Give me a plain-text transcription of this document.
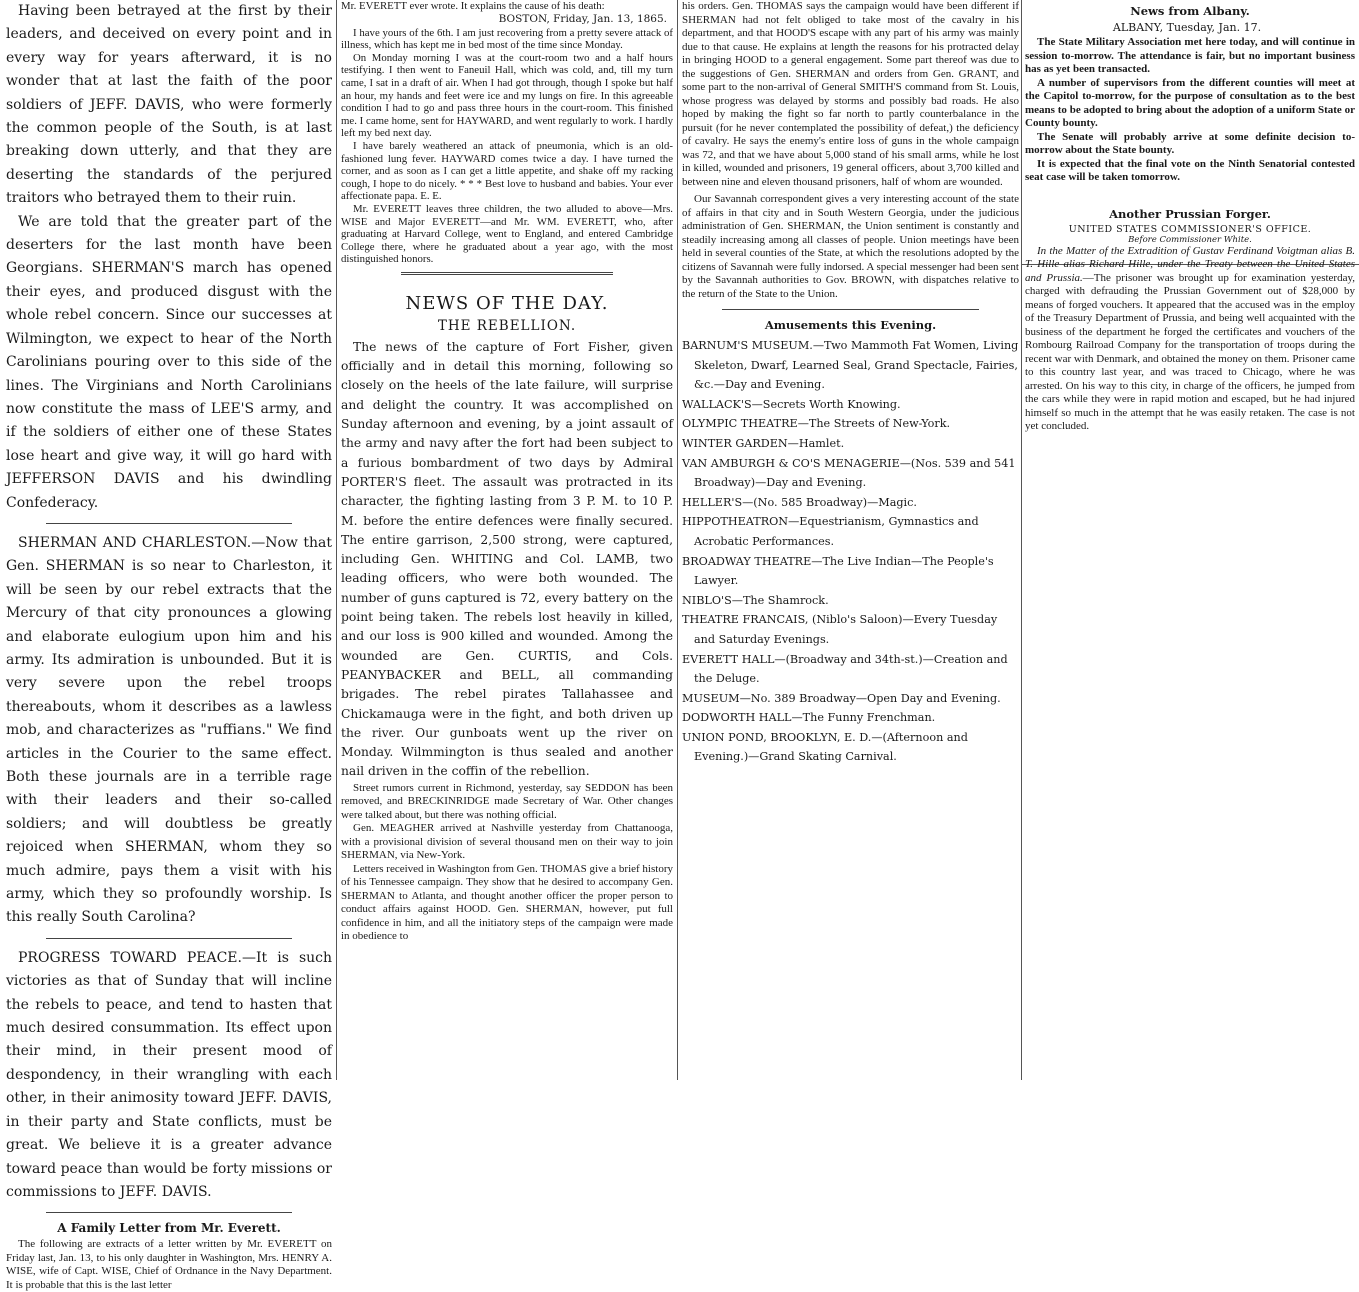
Having been betrayed at the first by their leaders, and deceived on every point and in every way for years afterward, it is no wonder that at last the faith of the poor soldiers of JEFF. DAVIS, who were formerly the common people of the South, is at last breaking down utterly, and that they are deserting the standards of the perjured traitors who betrayed them to their ruin.

We are told that the greater part of the deserters for the last month have been Georgians. SHERMAN'S march has opened their eyes, and produced disgust with the whole rebel concern. Since our successes at Wilmington, we expect to hear of the North Carolinians pouring over to this side of the lines. The Virginians and North Carolinians now constitute the mass of LEE'S army, and if the soldiers of either one of these States lose heart and give way, it will go hard with JEFFERSON DAVIS and his dwindling Confederacy.

SHERMAN AND CHARLESTON.—Now that Gen. SHERMAN is so near to Charleston, it will be seen by our rebel extracts that the Mercury of that city pronounces a glowing and elaborate eulogium upon him and his army. Its admiration is unbounded. But it is very severe upon the rebel troops thereabouts, whom it describes as a lawless mob, and characterizes as "ruffians." We find articles in the Courier to the same effect. Both these journals are in a terrible rage with their leaders and their so-called soldiers; and will doubtless be greatly rejoiced when SHERMAN, whom they so much admire, pays them a visit with his army, which they so profoundly worship. Is this really South Carolina?

PROGRESS TOWARD PEACE.—It is such victories as that of Sunday that will incline the rebels to peace, and tend to hasten that much desired consummation. Its effect upon their mind, in their present mood of despondency, in their wrangling with each other, in their animosity toward JEFF. DAVIS, in their party and State conflicts, must be great. We believe it is a greater advance toward peace than would be forty missions or commissions to JEFF. DAVIS.

A Family Letter from Mr. Everett.

The following are extracts of a letter written by Mr. EVERETT on Friday last, Jan. 13, to his only daughter in Washington, Mrs. HENRY A. WISE, wife of Capt. WISE, Chief of Ordnance in the Navy Department. It is probable that this is the last letter

Mr. EVERETT ever wrote. It explains the cause of his death:

BOSTON, Friday, Jan. 13, 1865.

I have yours of the 6th. I am just recovering from a pretty severe attack of illness, which has kept me in bed most of the time since Monday.

On Monday morning I was at the court-room two and a half hours testifying. I then went to Faneuil Hall, which was cold, and, till my turn came, I sat in a draft of air. When I had got through, though I spoke but half an hour, my hands and feet were ice and my lungs on fire. In this agreeable condition I had to go and pass three hours in the court-room. This finished me. I came home, sent for HAYWARD, and went regularly to work. I hardly left my bed next day.

I have barely weathered an attack of pneumonia, which is an old-fashioned lung fever. HAYWARD comes twice a day. I have turned the corner, and as soon as I can get a little appetite, and shake off my racking cough, I hope to do nicely. * * * Best love to husband and babies. Your ever affectionate papa. E. E.

Mr. EVERETT leaves three children, the two alluded to above—Mrs. WISE and Major EVERETT—and Mr. WM. EVERETT, who, after graduating at Harvard College, went to England, and entered Cambridge College there, where he graduated about a year ago, with the most distinguished honors.

NEWS OF THE DAY.
THE REBELLION.

The news of the capture of Fort Fisher, given officially and in detail this morning, following so closely on the heels of the late failure, will surprise and delight the country. It was accomplished on Sunday afternoon and evening, by a joint assault of the army and navy after the fort had been subject to a furious bombardment of two days by Admiral PORTER'S fleet. The assault was protracted in its character, the fighting lasting from 3 P. M. to 10 P. M. before the entire defences were finally secured. The entire garrison, 2,500 strong, were captured, including Gen. WHITING and Col. LAMB, two leading officers, who were both wounded. The number of guns captured is 72, every battery on the point being taken. The rebels lost heavily in killed, and our loss is 900 killed and wounded. Among the wounded are Gen. CURTIS, and Cols. PEANYBACKER and BELL, all commanding brigades. The rebel pirates Tallahassee and Chickamauga were in the fight, and both driven up the river. Our gunboats went up the river on Monday. Wilmmington is thus sealed and another nail driven in the coffin of the rebellion.

Street rumors current in Richmond, yesterday, say SEDDON has been removed, and BRECKINRIDGE made Secretary of War. Other changes were talked about, but there was nothing official.

Gen. MEAGHER arrived at Nashville yesterday from Chattanooga, with a provisional division of several thousand men on their way to join SHERMAN, via New-York.

Letters received in Washington from Gen. THOMAS give a brief history of his Tennessee campaign. They show that he desired to accompany Gen. SHERMAN to Atlanta, and thought another officer the proper person to conduct affairs against HOOD. Gen. SHERMAN, however, put full confidence in him, and all the initiatory steps of the campaign were made in obedience to

his orders. Gen. THOMAS says the campaign would have been different if SHERMAN had not felt obliged to take most of the cavalry in his department, and that HOOD'S escape with any part of his army was mainly due to that cause. He explains at length the reasons for his protracted delay in bringing HOOD to a general engagement. Some part thereof was due to the suggestions of Gen. SHERMAN and orders from Gen. GRANT, and some part to the non-arrival of General SMITH'S command from St. Louis, whose progress was delayed by storms and possibly bad roads. He also hoped by making the fight so far north to partly counterbalance in the pursuit (for he never contemplated the possibility of defeat,) the deficiency of cavalry. He says the enemy's entire loss of guns in the whole campaign was 72, and that we have about 5,000 stand of his small arms, while he lost in killed, wounded and prisoners, 19 general officers, about 3,700 killed and between nine and eleven thousand prisoners, half of whom are wounded.

Our Savannah correspondent gives a very interesting account of the state of affairs in that city and in South Western Georgia, under the judicious administration of Gen. SHERMAN, the Union sentiment is constantly and steadily increasing among all classes of people. Union meetings have been held in several counties of the State, at which the resolutions adopted by the citizens of Savannah were fully indorsed. A special messenger had been sent by the Savannah authorities to Gov. BROWN, with dispatches relative to the return of the State to the Union.

Amusements this Evening.

BARNUM'S MUSEUM.—Two Mammoth Fat Women, Living Skeleton, Dwarf, Learned Seal, Grand Spectacle, Fairies, &c.—Day and Evening.

WALLACK'S—Secrets Worth Knowing.

OLYMPIC THEATRE—The Streets of New-York.

WINTER GARDEN—Hamlet.

VAN AMBURGH & CO'S MENAGERIE—(Nos. 539 and 541 Broadway)—Day and Evening.

HELLER'S—(No. 585 Broadway)—Magic.

HIPPOTHEATRON—Equestrianism, Gymnastics and Acrobatic Performances.

BROADWAY THEATRE—The Live Indian—The People's Lawyer.

NIBLO'S—The Shamrock.

THEATRE FRANCAIS, (Niblo's Saloon)—Every Tuesday and Saturday Evenings.

EVERETT HALL—(Broadway and 34th-st.)—Creation and the Deluge.

MUSEUM—No. 389 Broadway—Open Day and Evening.

DODWORTH HALL—The Funny Frenchman.

UNION POND, BROOKLYN, E. D.—(Afternoon and Evening.)—Grand Skating Carnival.

News from Albany.
ALBANY, Tuesday, Jan. 17.

The State Military Association met here today, and will continue in session to-morrow. The attendance is fair, but no important business has as yet been transacted.

A number of supervisors from the different counties will meet at the Capitol to-morrow, for the purpose of consultation as to the best means to be adopted to bring about the adoption of a uniform State or County bounty.

The Senate will probably arrive at some definite decision to-morrow about the State bounty.

It is expected that the final vote on the Ninth Senatorial contested seat case will be taken tomorrow.

Another Prussian Forger.
UNITED STATES COMMISSIONER'S OFFICE.
Before Commissioner White.

In the Matter of the Extradition of Gustav Ferdinand Voigtman alias B. T. Hille alias Richard Hille, under the Treaty between the United States and Prussia.—The prisoner was brought up for examination yesterday, charged with defrauding the Prussian Government out of $28,000 by means of forged vouchers. It appeared that the accused was in the employ of the Treasury Department of Prussia, and being well acquainted with the business of the department he forged the certificates and vouchers of the Rombourg Railroad Company for the transportation of troops during the recent war with Denmark, and obtained the money on them. Prisoner came to this country last year, and was traced to Chicago, where he was arrested. On his way to this city, in charge of the officers, he jumped from the cars while they were in rapid motion and escaped, but he had injured himself so much in the attempt that he was easily retaken. The case is not yet concluded.
